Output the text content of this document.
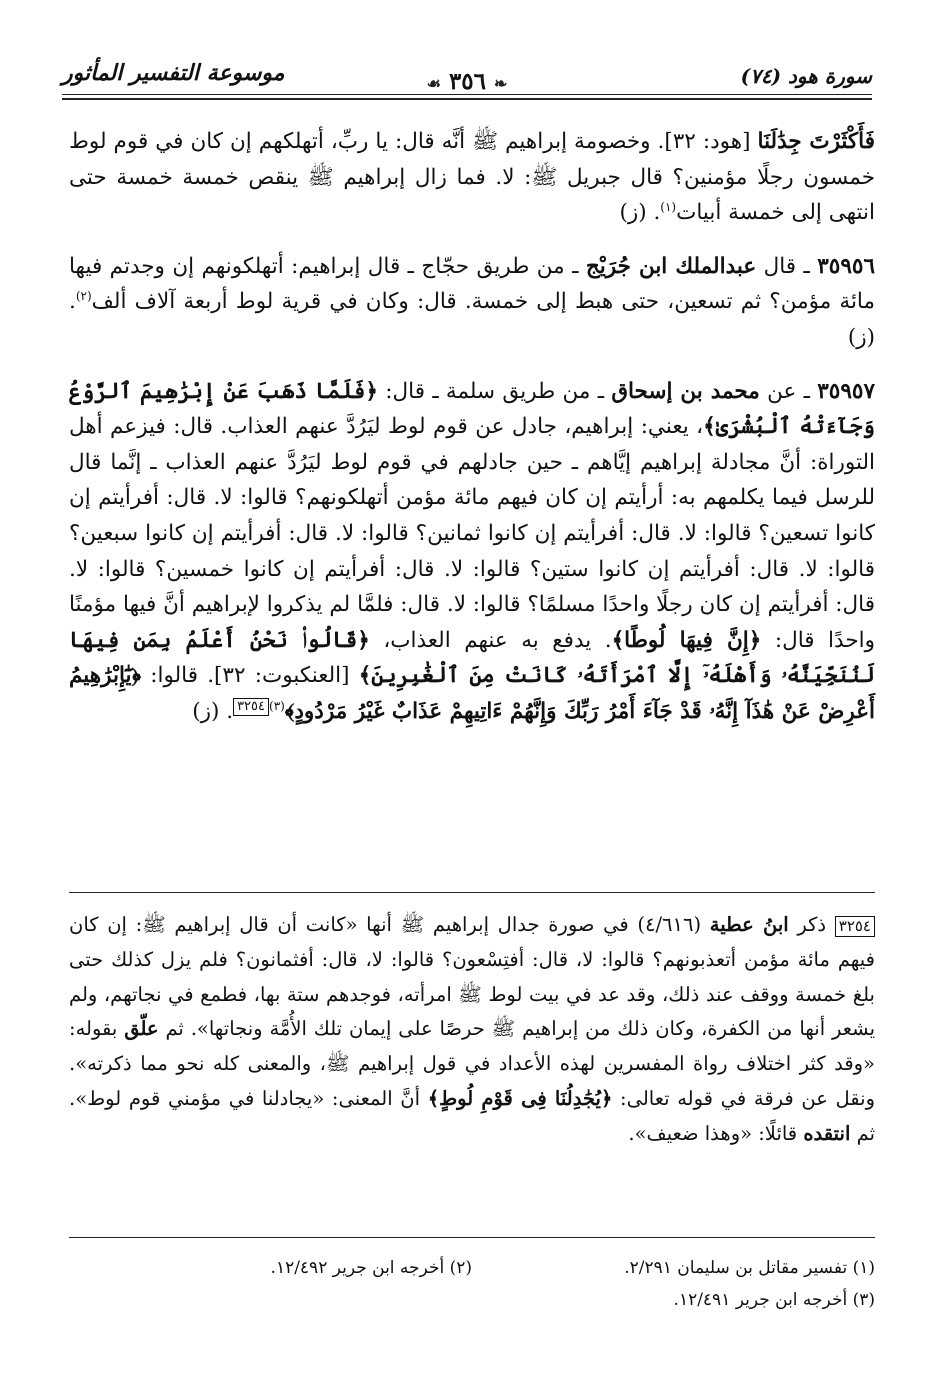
سورة هود (٧٤)
❧ ٣٥٦ ☙
موسوعة التفسير المأثور

فَأَكْثَرْتَ جِدَٰلَنَا [هود: ٣٢]. وخصومة إبراهيم ﷺ أنَّه قال: يا ربِّ، أتهلكهم إن كان في قوم لوط خمسون رجلًا مؤمنين؟ قال جبريل ﷺ: لا. فما زال إبراهيم ﷺ ينقص خمسة خمسة حتى انتهى إلى خمسة أبيات$^{(١)}$. (ز)

٣٥٩٥٦ ـ قال عبدالملك ابن جُرَيْج ـ من طريق حجّاج ـ قال إبراهيم: أتهلكونهم إن وجدتم فيها مائة مؤمن؟ ثم تسعين، حتى هبط إلى خمسة. قال: وكان في قرية لوط أربعة آلاف ألف$^{(٢)}$. (ز)

٣٥٩٥٧ ـ عن محمد بن إسحاق ـ من طريق سلمة ـ قال: ﴿فَلَمَّا ذَهَبَ عَنْ إِبْرَٰهِيمَ ٱلرَّوْعُ وَجَآءَتْهُ ٱلْبُشْرَىٰ﴾، يعني: إبراهيم، جادل عن قوم لوط ليَرُدَّ عنهم العذاب. قال: فيزعم أهل التوراة: أنَّ مجادلة إبراهيم إيَّاهم ـ حين جادلهم في قوم لوط ليَرُدَّ عنهم العذاب ـ إنَّما قال للرسل فيما يكلمهم به: أرأيتم إن كان فيهم مائة مؤمن أتهلكونهم؟ قالوا: لا. قال: أفرأيتم إن كانوا تسعين؟ قالوا: لا. قال: أفرأيتم إن كانوا ثمانين؟ قالوا: لا. قال: أفرأيتم إن كانوا سبعين؟ قالوا: لا. قال: أفرأيتم إن كانوا ستين؟ قالوا: لا. قال: أفرأيتم إن كانوا خمسين؟ قالوا: لا. قال: أفرأيتم إن كان رجلًا واحدًا مسلمًا؟ قالوا: لا. قال: فلمَّا لم يذكروا لإبراهيم أنَّ فيها مؤمنًا واحدًا قال: ﴿إِنَّ فِيهَا لُوطًا﴾. يدفع به عنهم العذاب، ﴿قَالُوا۟ نَحْنُ أَعْلَمُ بِمَن فِيهَا لَنُنَجِّيَنَّهُۥ وَأَهْلَهُۥٓ إِلَّا ٱمْرَأَتَهُۥ كَانَتْ مِنَ ٱلْغَٰبِرِينَ﴾ [العنكبوت: ٣٢]. قالوا: ﴿يَٰٓإِبْرَٰهِيمُ أَعْرِضْ عَنْ هَٰذَآ إِنَّهُۥ قَدْ جَآءَ أَمْرُ رَبِّكَ وَإِنَّهُمْ ءَاتِيهِمْ عَذَابٌ غَيْرُ مَرْدُودٍ﴾$^{(٣)}$٣٢٥٤. (ز)

٣٢٥٤ ذكر ابنُ عطية (٤/٦١٦) في صورة جدال إبراهيم ﷺ أنها «كانت أن قال إبراهيم ﷺ: إن كان فيهم مائة مؤمن أتعذبونهم؟ قالوا: لا، قال: أفتِسْعون؟ قالوا: لا، قال: أفثمانون؟ فلم يزل كذلك حتى بلغ خمسة ووقف عند ذلك، وقد عد في بيت لوط ﷺ امرأته، فوجدهم ستة بها، فطمع في نجاتهم، ولم يشعر أنها من الكفرة، وكان ذلك من إبراهيم ﷺ حرصًا على إيمان تلك الأُمَّة ونجاتها». ثم علّق بقوله: «وقد كثر اختلاف رواة المفسرين لهذه الأعداد في قول إبراهيم ﷺ، والمعنى كله نحو مما ذكرته». ونقل عن فرقة في قوله تعالى: ﴿يُجَٰدِلُنَا فِى قَوْمِ لُوطٍ﴾ أنَّ المعنى: «يجادلنا في مؤمني قوم لوط». ثم انتقده قائلًا: «وهذا ضعيف».
(١) تفسير مقاتل بن سليمان ٢/٢٩١.
(٢) أخرجه ابن جرير ١٢/٤٩٢.
(٣) أخرجه ابن جرير ١٢/٤٩١.
